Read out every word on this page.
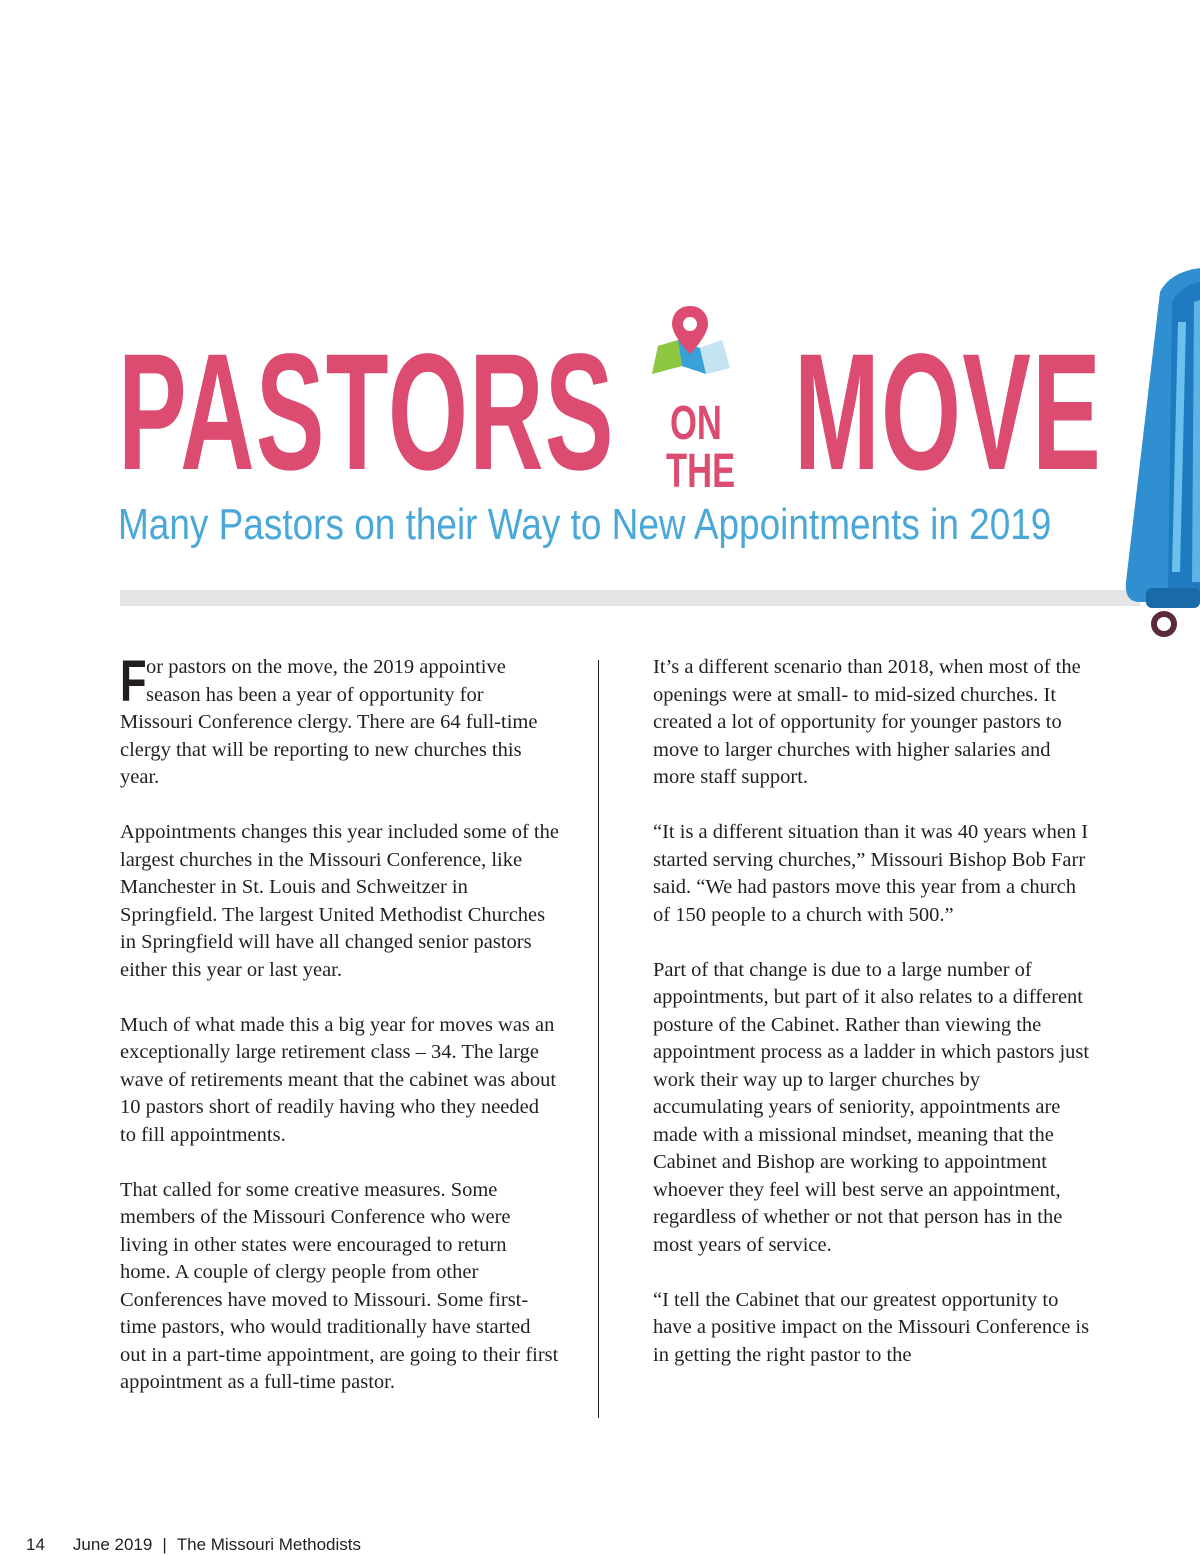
PASTORS ON
THE MOVE
Many Pastors on their Way to New Appointments in 2019

For pastors on the move, the 2019 appointive season has been a year of opportunity for Missouri Conference clergy. There are 64 full-time clergy that will be reporting to new churches this year.

Appointments changes this year included some of the largest churches in the Missouri Conference, like Manchester in St. Louis and Schweitzer in Springfield. The largest United Methodist Churches in Springfield will have all changed senior pastors either this year or last year.

Much of what made this a big year for moves was an exceptionally large retirement class – 34. The large wave of retirements meant that the cabinet was about 10 pastors short of readily having who they needed to fill appointments.

That called for some creative measures. Some members of the Missouri Conference who were living in other states were encouraged to return home. A couple of clergy people from other Conferences have moved to Missouri. Some first-time pastors, who would traditionally have started out in a part-time appointment, are going to their first appointment as a full-time pastor.

It’s a different scenario than 2018, when most of the openings were at small- to mid-sized churches. It created a lot of opportunity for younger pastors to move to larger churches with higher salaries and more staff support.

“It is a different situation than it was 40 years when I started serving churches,” Missouri Bishop Bob Farr said. “We had pastors move this year from a church of 150 people to a church with 500.”

Part of that change is due to a large number of appointments, but part of it also relates to a different posture of the Cabinet. Rather than viewing the appointment process as a ladder in which pastors just work their way up to larger churches by accumulating years of seniority, appointments are made with a missional mindset, meaning that the Cabinet and Bishop are working to appointment whoever they feel will best serve an appointment, regardless of whether or not that person has in the most years of service.

“I tell the Cabinet that our greatest opportunity to have a positive impact on the Missouri Conference is in getting the right pastor to the

14 June 2019 | The Missouri Methodists
